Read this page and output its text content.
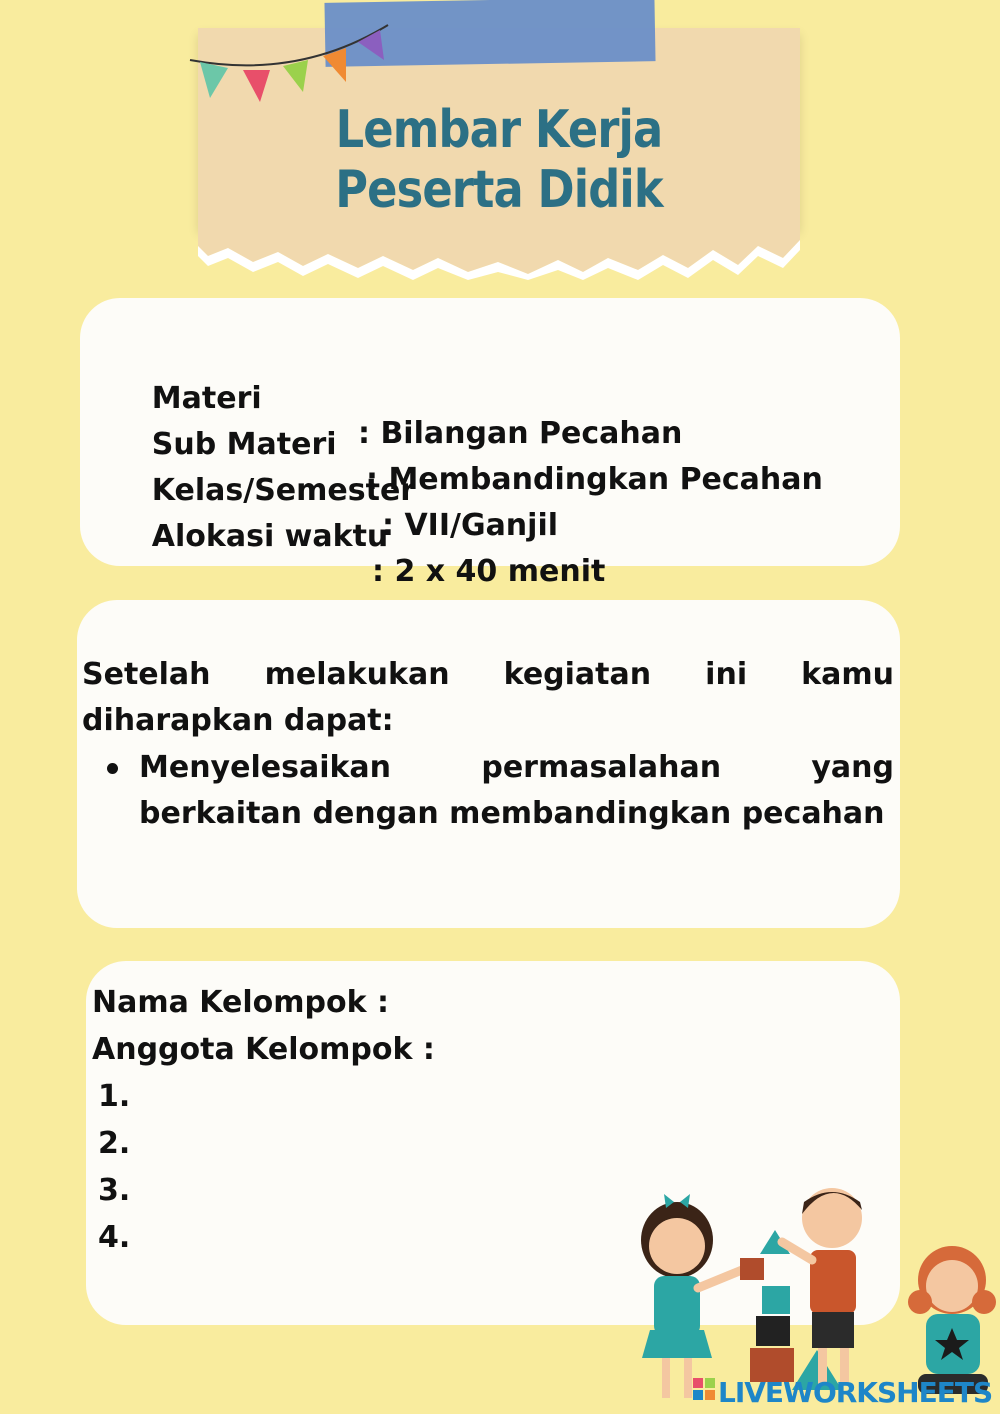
Lembar Kerja Peserta Didik

Materi

: Bilangan Pecahan

Sub Materi

: Membandingkan Pecahan

Kelas/Semester

: VII/Ganjil

Alokasi waktu

: 2 x 40 menit

Setelah melakukan kegiatan ini kamu diharapkan dapat:
Menyelesaikan permasalahan yang berkaitan dengan membandingkan pecahan
Nama Kelompok :
Anggota Kelompok :
1.
2.
3.
4.
LIVEWORKSHEETS
